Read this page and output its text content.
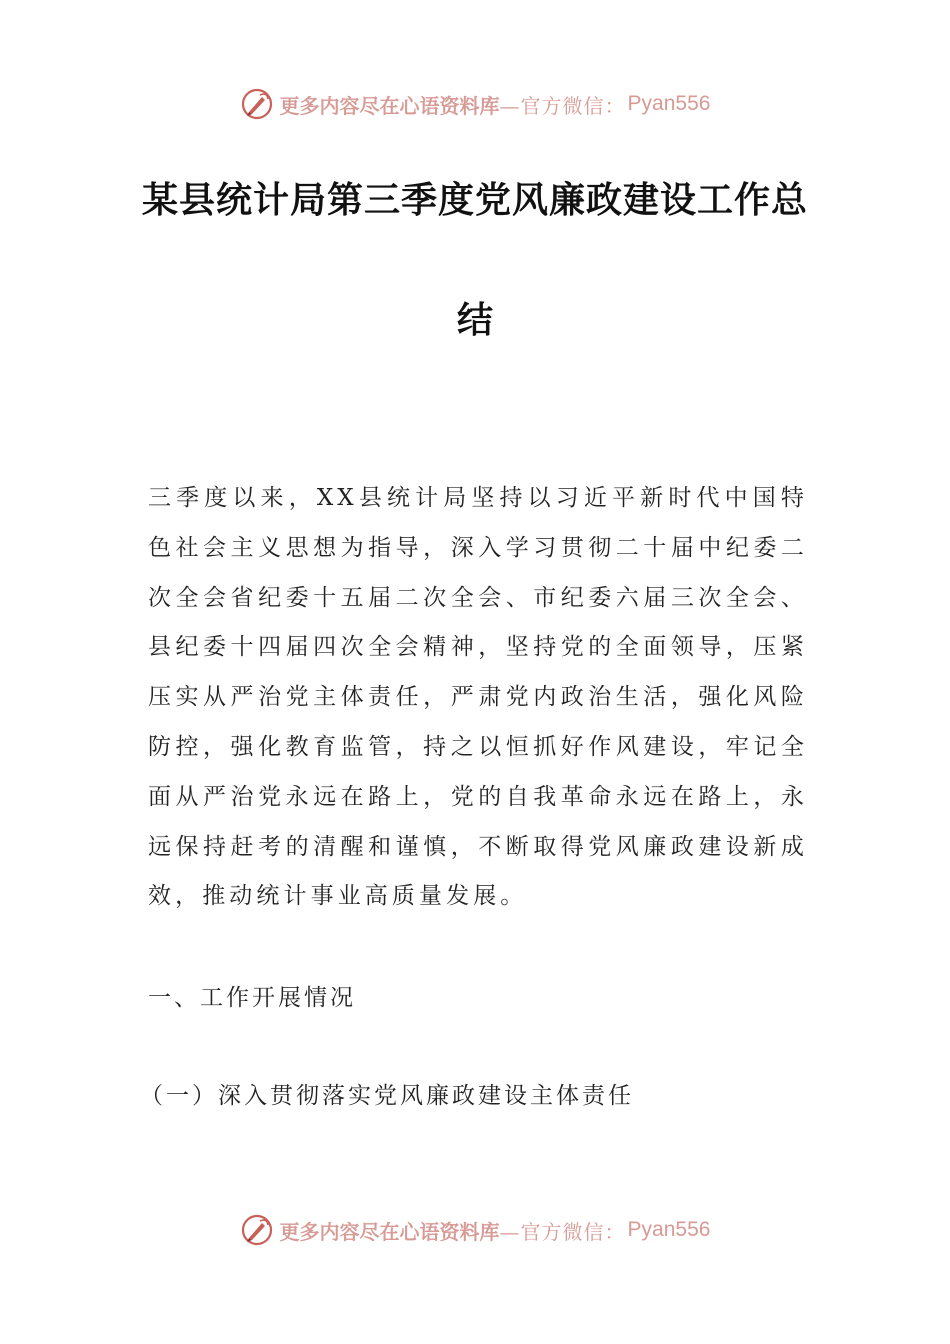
更多内容尽在心语资料库 —官方微信： Pyan556
某县统计局第三季度党风廉政建设工作总
结

三季度以来，XX县统计局坚持以习近平新时代中国特色社会主义思想为指导，深入学习贯彻二十届中纪委二次全会省纪委十五届二次全会、市纪委六届三次全会、县纪委十四届四次全会精神，坚持党的全面领导，压紧压实从严治党主体责任，严肃党内政治生活，强化风险防控，强化教育监管，持之以恒抓好作风建设，牢记全面从严治党永远在路上，党的自我革命永远在路上，永远保持赶考的清醒和谨慎，不断取得党风廉政建设新成效，推动统计事业高质量发展。

一、工作开展情况

（一）深入贯彻落实党风廉政建设主体责任

更多内容尽在心语资料库 —官方微信： Pyan556
